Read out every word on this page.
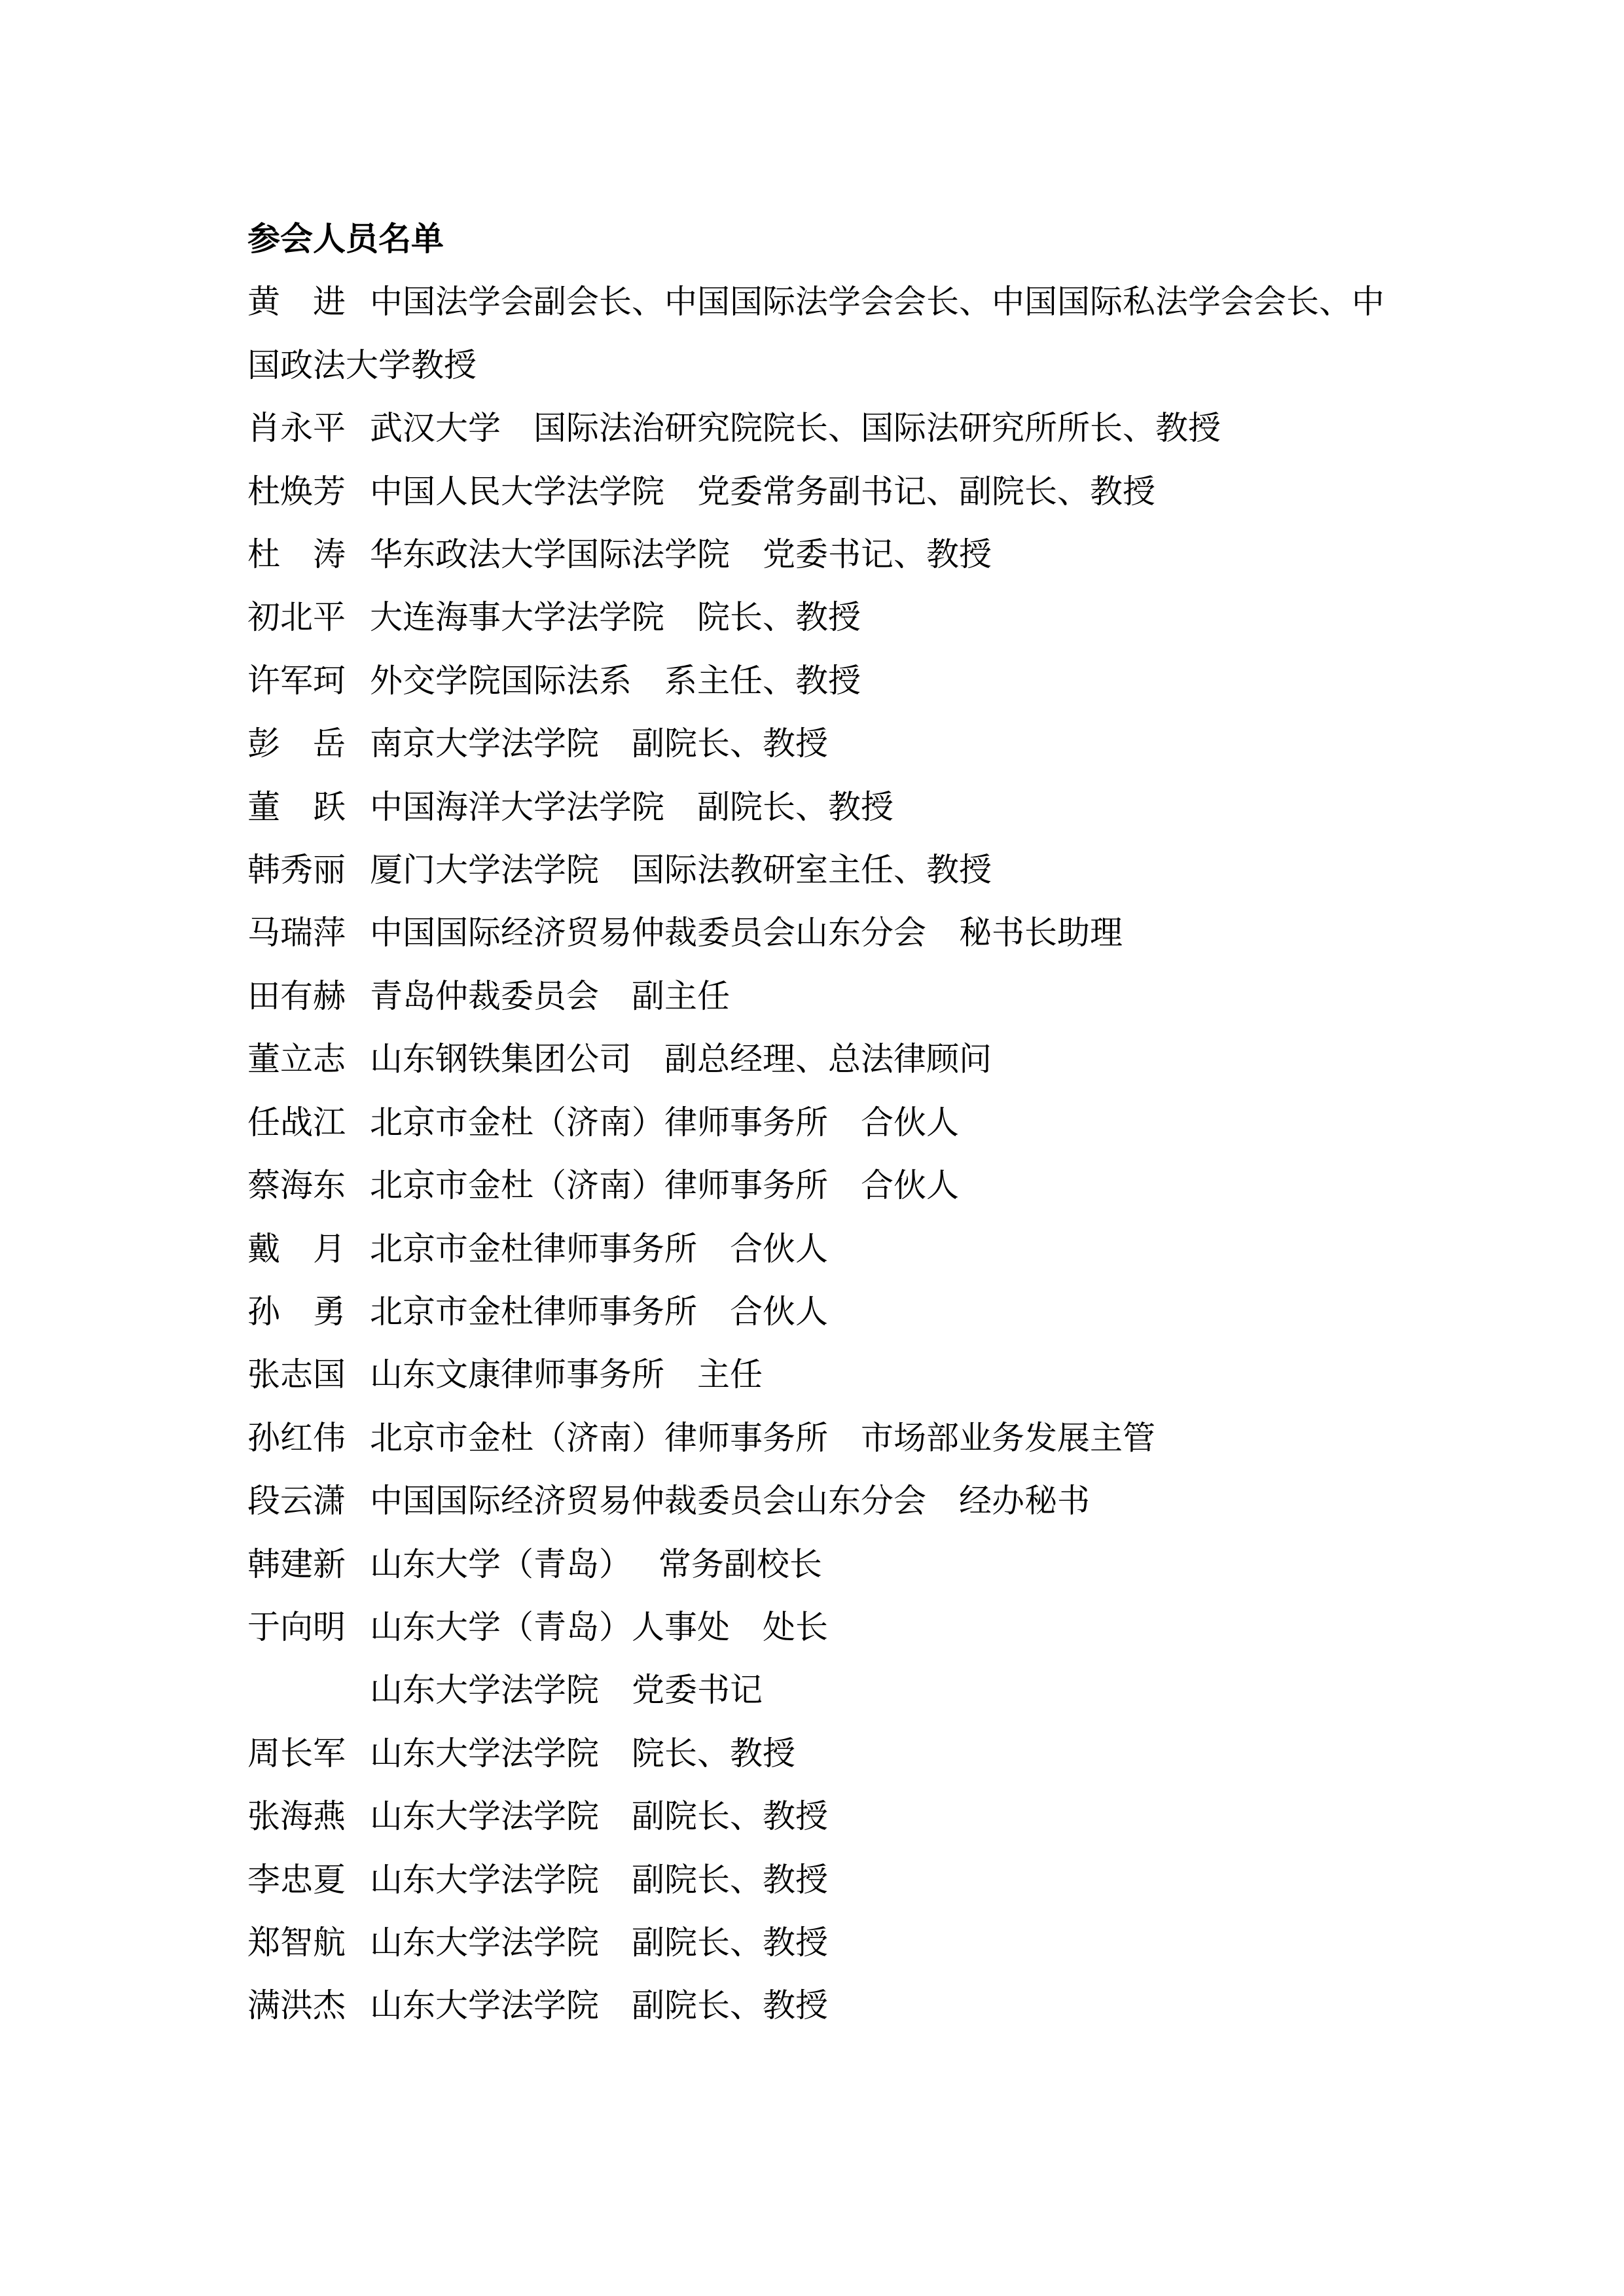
参会人员名单

黄　进 中国法学会副会长、中国国际法学会会长、中国国际私法学会会长、中国政法大学教授

肖永平 武汉大学　国际法治研究院院长、国际法研究所所长、教授

杜焕芳 中国人民大学法学院　党委常务副书记、副院长、教授

杜　涛 华东政法大学国际法学院　党委书记、教授

初北平 大连海事大学法学院　院长、教授

许军珂 外交学院国际法系　系主任、教授

彭　岳 南京大学法学院　副院长、教授

董　跃 中国海洋大学法学院　副院长、教授

韩秀丽 厦门大学法学院　国际法教研室主任、教授

马瑞萍 中国国际经济贸易仲裁委员会山东分会　秘书长助理

田有赫 青岛仲裁委员会　副主任

董立志 山东钢铁集团公司　副总经理、总法律顾问

任战江 北京市金杜（济南）律师事务所　合伙人

蔡海东 北京市金杜（济南）律师事务所　合伙人

戴　月 北京市金杜律师事务所　合伙人

孙　勇 北京市金杜律师事务所　合伙人

张志国 山东文康律师事务所　主任

孙红伟 北京市金杜（济南）律师事务所　市场部业务发展主管

段云潇 中国国际经济贸易仲裁委员会山东分会　经办秘书

韩建新 山东大学（青岛）　 常务副校长

于向明 山东大学（青岛）人事处　处长

　山东大学法学院　党委书记

周长军 山东大学法学院　院长、教授

张海燕 山东大学法学院　副院长、教授

李忠夏 山东大学法学院　副院长、教授

郑智航 山东大学法学院　副院长、教授

满洪杰 山东大学法学院　副院长、教授
